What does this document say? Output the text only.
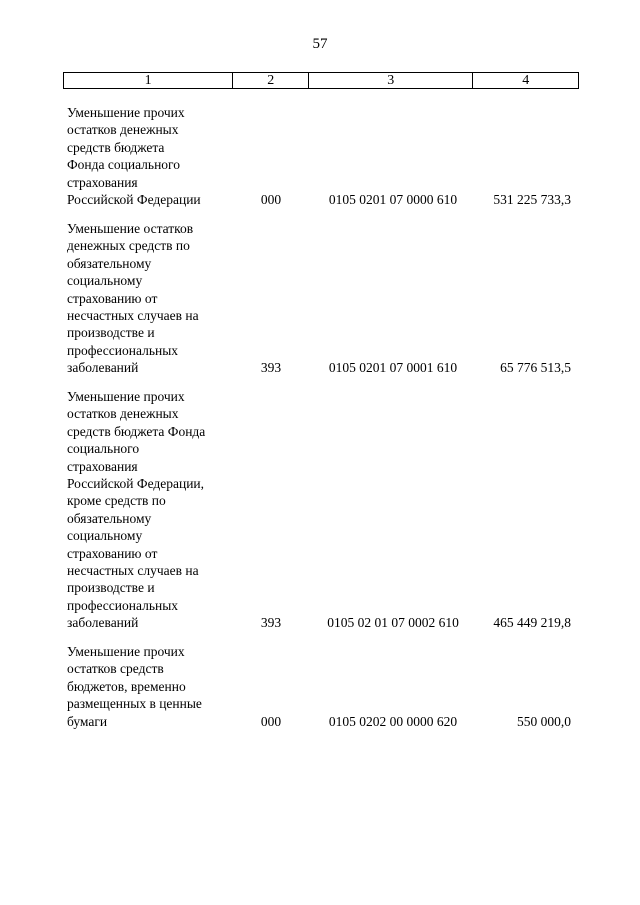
57
1	2	3	4
Уменьшение прочих
остатков денежных
средств бюджета
Фонда социального
страхования
Российской Федерации	000	0105 0201 07 0000 610	531 225 733,3
Уменьшение остатков
денежных средств по
обязательному
социальному
страхованию от
несчастных случаев на
производстве и
профессиональных
заболеваний	393	0105 0201 07 0001 610	65 776 513,5
Уменьшение прочих
остатков денежных
средств бюджета Фонда
социального
страхования
Российской Федерации,
кроме средств по
обязательному
социальному
страхованию от
несчастных случаев на
производстве и
профессиональных
заболеваний	393	0105 02 01 07 0002 610	465 449 219,8
Уменьшение прочих
остатков средств
бюджетов, временно
размещенных в ценные
бумаги	000	0105 0202 00 0000 620	550 000,0
